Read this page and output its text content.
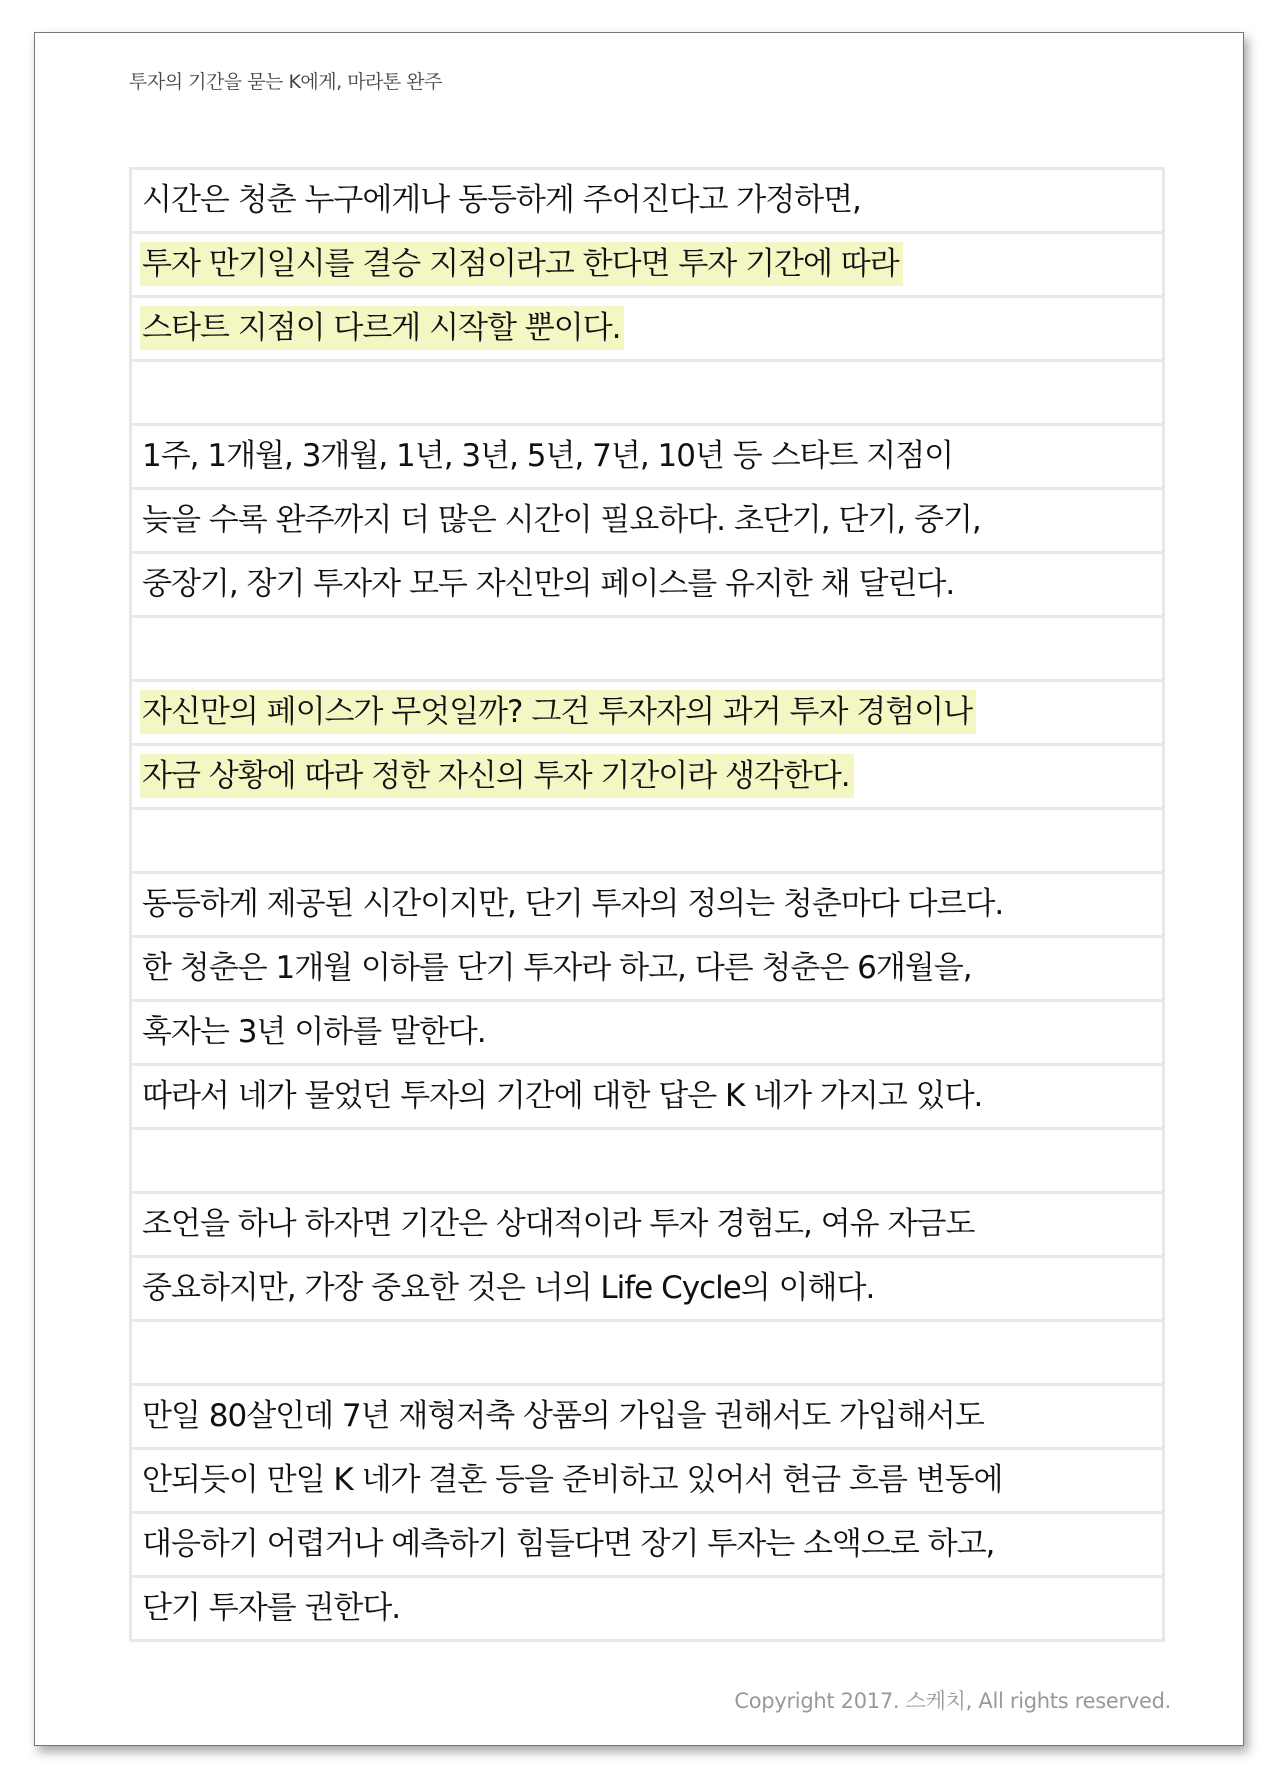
투자의 기간을 묻는 K에게, 마라톤 완주
시간은 청춘 누구에게나 동등하게 주어진다고 가정하면,
투자 만기일시를 결승 지점이라고 한다면 투자 기간에 따라
스타트 지점이 다르게 시작할 뿐이다.
1주, 1개월, 3개월, 1년, 3년, 5년, 7년, 10년 등 스타트 지점이
늦을 수록 완주까지 더 많은 시간이 필요하다. 초단기, 단기, 중기,
중장기, 장기 투자자 모두 자신만의 페이스를 유지한 채 달린다.
자신만의 페이스가 무엇일까? 그건 투자자의 과거 투자 경험이나
자금 상황에 따라 정한 자신의 투자 기간이라 생각한다.
동등하게 제공된 시간이지만, 단기 투자의 정의는 청춘마다 다르다.
한 청춘은 1개월 이하를 단기 투자라 하고, 다른 청춘은 6개월을,
혹자는 3년 이하를 말한다.
따라서 네가 물었던 투자의 기간에 대한 답은 K 네가 가지고 있다.
조언을 하나 하자면 기간은 상대적이라 투자 경험도, 여유 자금도
중요하지만, 가장 중요한 것은 너의 Life Cycle의 이해다.
만일 80살인데 7년 재형저축 상품의 가입을 권해서도 가입해서도
안되듯이 만일 K 네가 결혼 등을 준비하고 있어서 현금 흐름 변동에
대응하기 어렵거나 예측하기 힘들다면 장기 투자는 소액으로 하고,
단기 투자를 권한다.
Copyright 2017. 스케치, All rights reserved.
